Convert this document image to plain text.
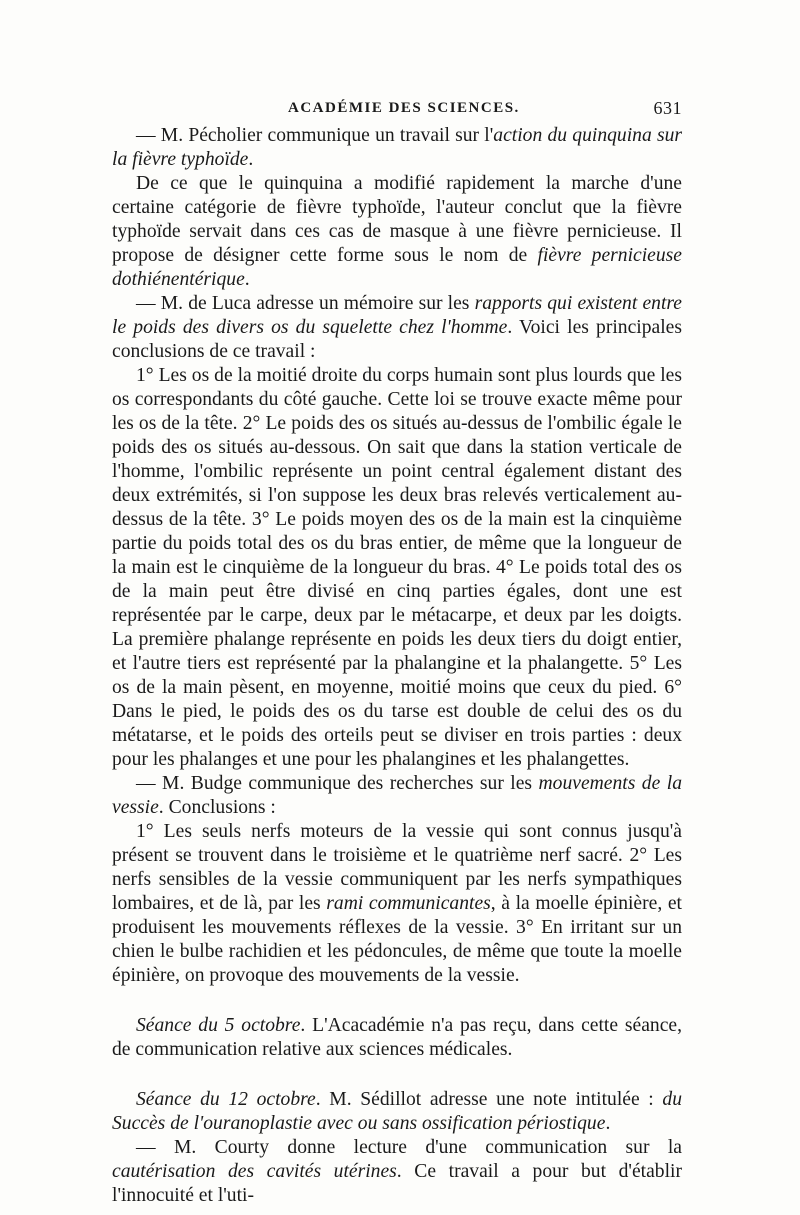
ACADÉMIE DES SCIENCES.	631

— M. Pécholier communique un travail sur l'action du quinquina sur la fièvre typhoïde.

De ce que le quinquina a modifié rapidement la marche d'une certaine catégorie de fièvre typhoïde, l'auteur conclut que la fièvre typhoïde servait dans ces cas de masque à une fièvre pernicieuse. Il propose de désigner cette forme sous le nom de fièvre pernicieuse dothiénentérique.

— M. de Luca adresse un mémoire sur les rapports qui existent entre le poids des divers os du squelette chez l'homme. Voici les principales conclusions de ce travail :

1° Les os de la moitié droite du corps humain sont plus lourds que les os correspondants du côté gauche. Cette loi se trouve exacte même pour les os de la tête. 2° Le poids des os situés au-dessus de l'ombilic égale le poids des os situés au-dessous. On sait que dans la station verticale de l'homme, l'ombilic représente un point central également distant des deux extrémités, si l'on suppose les deux bras relevés verticalement au-dessus de la tête. 3° Le poids moyen des os de la main est la cinquième partie du poids total des os du bras entier, de même que la longueur de la main est le cinquième de la longueur du bras. 4° Le poids total des os de la main peut être divisé en cinq parties égales, dont une est représentée par le carpe, deux par le métacarpe, et deux par les doigts. La première phalange représente en poids les deux tiers du doigt entier, et l'autre tiers est représenté par la phalangine et la phalangette. 5° Les os de la main pèsent, en moyenne, moitié moins que ceux du pied. 6° Dans le pied, le poids des os du tarse est double de celui des os du métatarse, et le poids des orteils peut se diviser en trois parties : deux pour les phalanges et une pour les phalangines et les phalangettes.

— M. Budge communique des recherches sur les mouvements de la vessie. Conclusions :

1° Les seuls nerfs moteurs de la vessie qui sont connus jusqu'à présent se trouvent dans le troisième et le quatrième nerf sacré. 2° Les nerfs sensibles de la vessie communiquent par les nerfs sympathiques lombaires, et de là, par les rami communicantes, à la moelle épinière, et produisent les mouvements réflexes de la vessie. 3° En irritant sur un chien le bulbe rachidien et les pédoncules, de même que toute la moelle épinière, on provoque des mouvements de la vessie.

Séance du 5 octobre. L'Acacadémie n'a pas reçu, dans cette séance, de communication relative aux sciences médicales.

Séance du 12 octobre. M. Sédillot adresse une note intitulée : du Succès de l'ouranoplastie avec ou sans ossification périostique.

— M. Courty donne lecture d'une communication sur la cautérisation des cavités utérines. Ce travail a pour but d'établir l'innocuité et l'uti-
